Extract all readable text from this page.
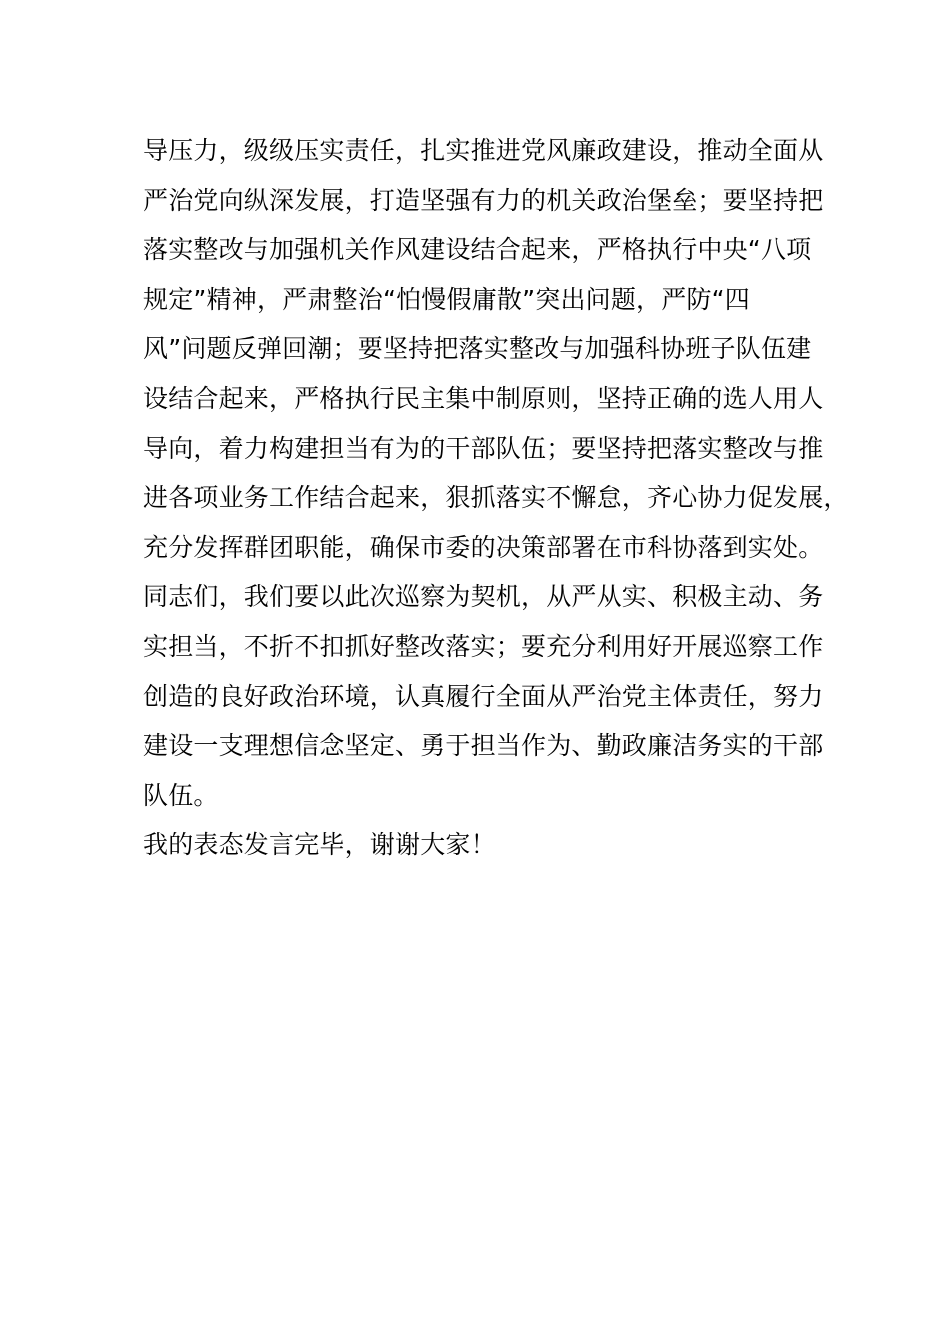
导压力，级级压实责任，扎实推进党风廉政建设，推动全面从
严治党向纵深发展，打造坚强有力的机关政治堡垒；要坚持把
落实整改与加强机关作风建设结合起来，严格执行中央“八项
规定”精神，严肃整治“怕慢假庸散”突出问题，严防“四
风”问题反弹回潮；要坚持把落实整改与加强科协班子队伍建
设结合起来，严格执行民主集中制原则，坚持正确的选人用人
导向，着力构建担当有为的干部队伍；要坚持把落实整改与推
进各项业务工作结合起来，狠抓落实不懈怠，齐心协力促发展，
充分发挥群团职能，确保市委的决策部署在市科协落到实处。
同志们，我们要以此次巡察为契机，从严从实、积极主动、务
实担当，不折不扣抓好整改落实；要充分利用好开展巡察工作
创造的良好政治环境，认真履行全面从严治党主体责任，努力
建设一支理想信念坚定、勇于担当作为、勤政廉洁务实的干部
队伍。
我的表态发言完毕，谢谢大家！
